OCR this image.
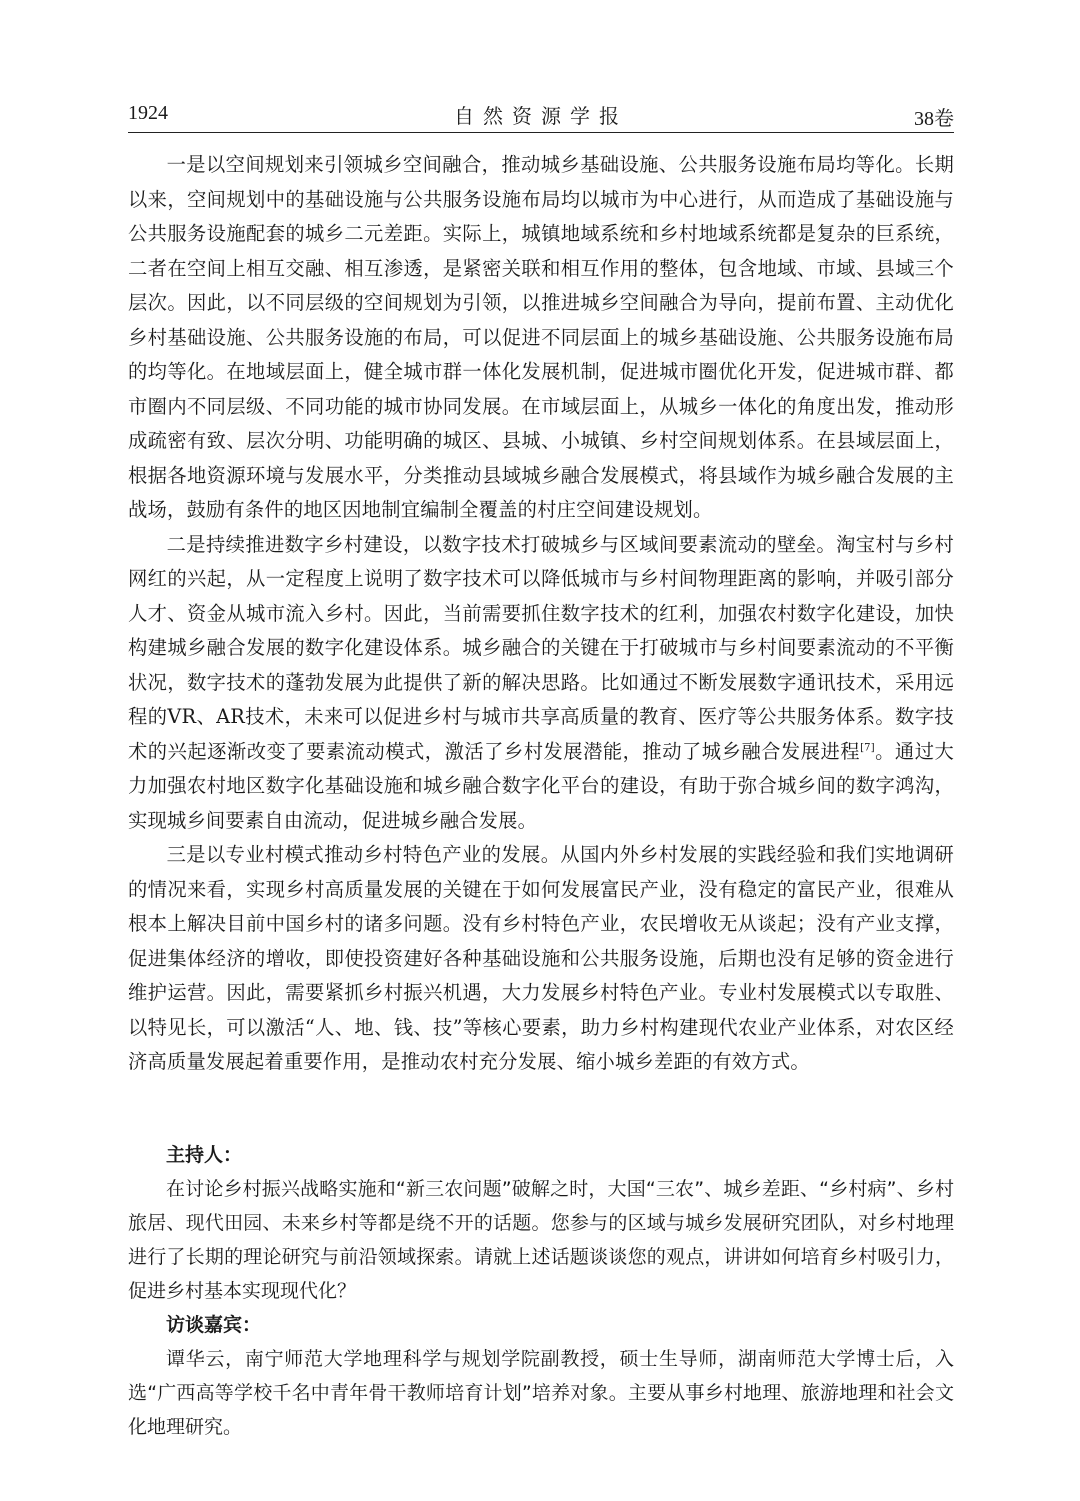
1924	自然资源学报	38卷

一是以空间规划来引领城乡空间融合，推动城乡基础设施、公共服务设施布局均等化。长期以来，空间规划中的基础设施与公共服务设施布局均以城市为中心进行，从而造成了基础设施与公共服务设施配套的城乡二元差距。实际上，城镇地域系统和乡村地域系统都是复杂的巨系统，二者在空间上相互交融、相互渗透，是紧密关联和相互作用的整体，包含地域、市域、县域三个层次。因此，以不同层级的空间规划为引领，以推进城乡空间融合为导向，提前布置、主动优化乡村基础设施、公共服务设施的布局，可以促进不同层面上的城乡基础设施、公共服务设施布局的均等化。在地域层面上，健全城市群一体化发展机制，促进城市圈优化开发，促进城市群、都市圈内不同层级、不同功能的城市协同发展。在市域层面上，从城乡一体化的角度出发，推动形成疏密有致、层次分明、功能明确的城区、县城、小城镇、乡村空间规划体系。在县域层面上，根据各地资源环境与发展水平，分类推动县域城乡融合发展模式，将县域作为城乡融合发展的主战场，鼓励有条件的地区因地制宜编制全覆盖的村庄空间建设规划。

二是持续推进数字乡村建设，以数字技术打破城乡与区域间要素流动的壁垒。淘宝村与乡村网红的兴起，从一定程度上说明了数字技术可以降低城市与乡村间物理距离的影响，并吸引部分人才、资金从城市流入乡村。因此，当前需要抓住数字技术的红利，加强农村数字化建设，加快构建城乡融合发展的数字化建设体系。城乡融合的关键在于打破城市与乡村间要素流动的不平衡状况，数字技术的蓬勃发展为此提供了新的解决思路。比如通过不断发展数字通讯技术，采用远程的VR、AR技术，未来可以促进乡村与城市共享高质量的教育、医疗等公共服务体系。数字技术的兴起逐渐改变了要素流动模式，激活了乡村发展潜能，推动了城乡融合发展进程[7]。通过大力加强农村地区数字化基础设施和城乡融合数字化平台的建设，有助于弥合城乡间的数字鸿沟，实现城乡间要素自由流动，促进城乡融合发展。

三是以专业村模式推动乡村特色产业的发展。从国内外乡村发展的实践经验和我们实地调研的情况来看，实现乡村高质量发展的关键在于如何发展富民产业，没有稳定的富民产业，很难从根本上解决目前中国乡村的诸多问题。没有乡村特色产业，农民增收无从谈起；没有产业支撑，促进集体经济的增收，即使投资建好各种基础设施和公共服务设施，后期也没有足够的资金进行维护运营。因此，需要紧抓乡村振兴机遇，大力发展乡村特色产业。专业村发展模式以专取胜、以特见长，可以激活“人、地、钱、技”等核心要素，助力乡村构建现代农业产业体系，对农区经济高质量发展起着重要作用，是推动农村充分发展、缩小城乡差距的有效方式。

主持人：

在讨论乡村振兴战略实施和“新三农问题”破解之时，大国“三农”、城乡差距、“乡村病”、乡村旅居、现代田园、未来乡村等都是绕不开的话题。您参与的区域与城乡发展研究团队，对乡村地理进行了长期的理论研究与前沿领域探索。请就上述话题谈谈您的观点，讲讲如何培育乡村吸引力，促进乡村基本实现现代化？

访谈嘉宾：

谭华云，南宁师范大学地理科学与规划学院副教授，硕士生导师，湖南师范大学博士后，入选“广西高等学校千名中青年骨干教师培育计划”培养对象。主要从事乡村地理、旅游地理和社会文化地理研究。
